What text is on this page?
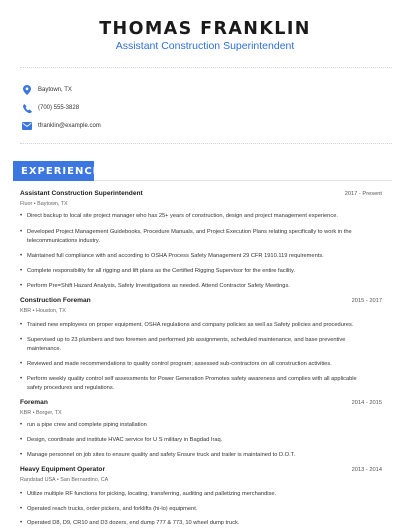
THOMAS FRANKLIN
Assistant Construction Superintendent
Baytown, TX
(700) 555-3828
tfranklin@example.com
EXPERIENCE
Assistant Construction Superintendent	2017 - Present
Fluor • Baytown, TX
• Direct backup to local site project manager who has 25+ years of construction, design and project management experience.
• Developed Project Management Guidebooks, Procedure Manuals, and Project Execution Plans relating specifically to work in the telecommunications industry.
• Maintained full compliance with and according to OSHA Process Safety Management 29 CFR 1910.119 requirements.
• Complete responsibility for all rigging and lift plans as the Certified Rigging Supervisor for the entire facility.
• Perform Pre=Shift Hazard Analysis, Safety Investigations as needed. Attend Contractor Safety Meetings.
Construction Foreman	2015 - 2017
KBR • Houston, TX
• Trained new employees on proper equipment, OSHA regulations and company policies as well as Safety policies and procedures.
• Supervised up to 23 plumbers and two foremen and performed job assignments, scheduled maintenance, and base preventive maintenance.
• Reviewed and made recommendations to quality control program; assessed sub-contractors on all construction activities.
• Perform weekly quality control self assessments for Power Generation Promotes safety awareness and complies with all applicable safety procedures and regulations.
Foreman	2014 - 2015
KBR • Borger, TX
• run a pipe crew and complete piping installation
• Design, coordinate and institute HVAC service for U S military in Bagdad Iraq.
• Manage personnel on job sites to ensure quality and safety Ensure truck and trailer is maintained to D.O.T.
Heavy Equipment Operator	2013 - 2014
Randstad USA • San Bernardino, CA
• Utilize multiple RF functions for picking, locating, transferring, auditing and palletizing merchandise.
• Operated reach trucks, order pickers, and forklifts (hi-lo) equipment.
• Operated D8, D9, CR10 and D3 dozers, end dump 777 & 773, 10 wheel dump truck.
